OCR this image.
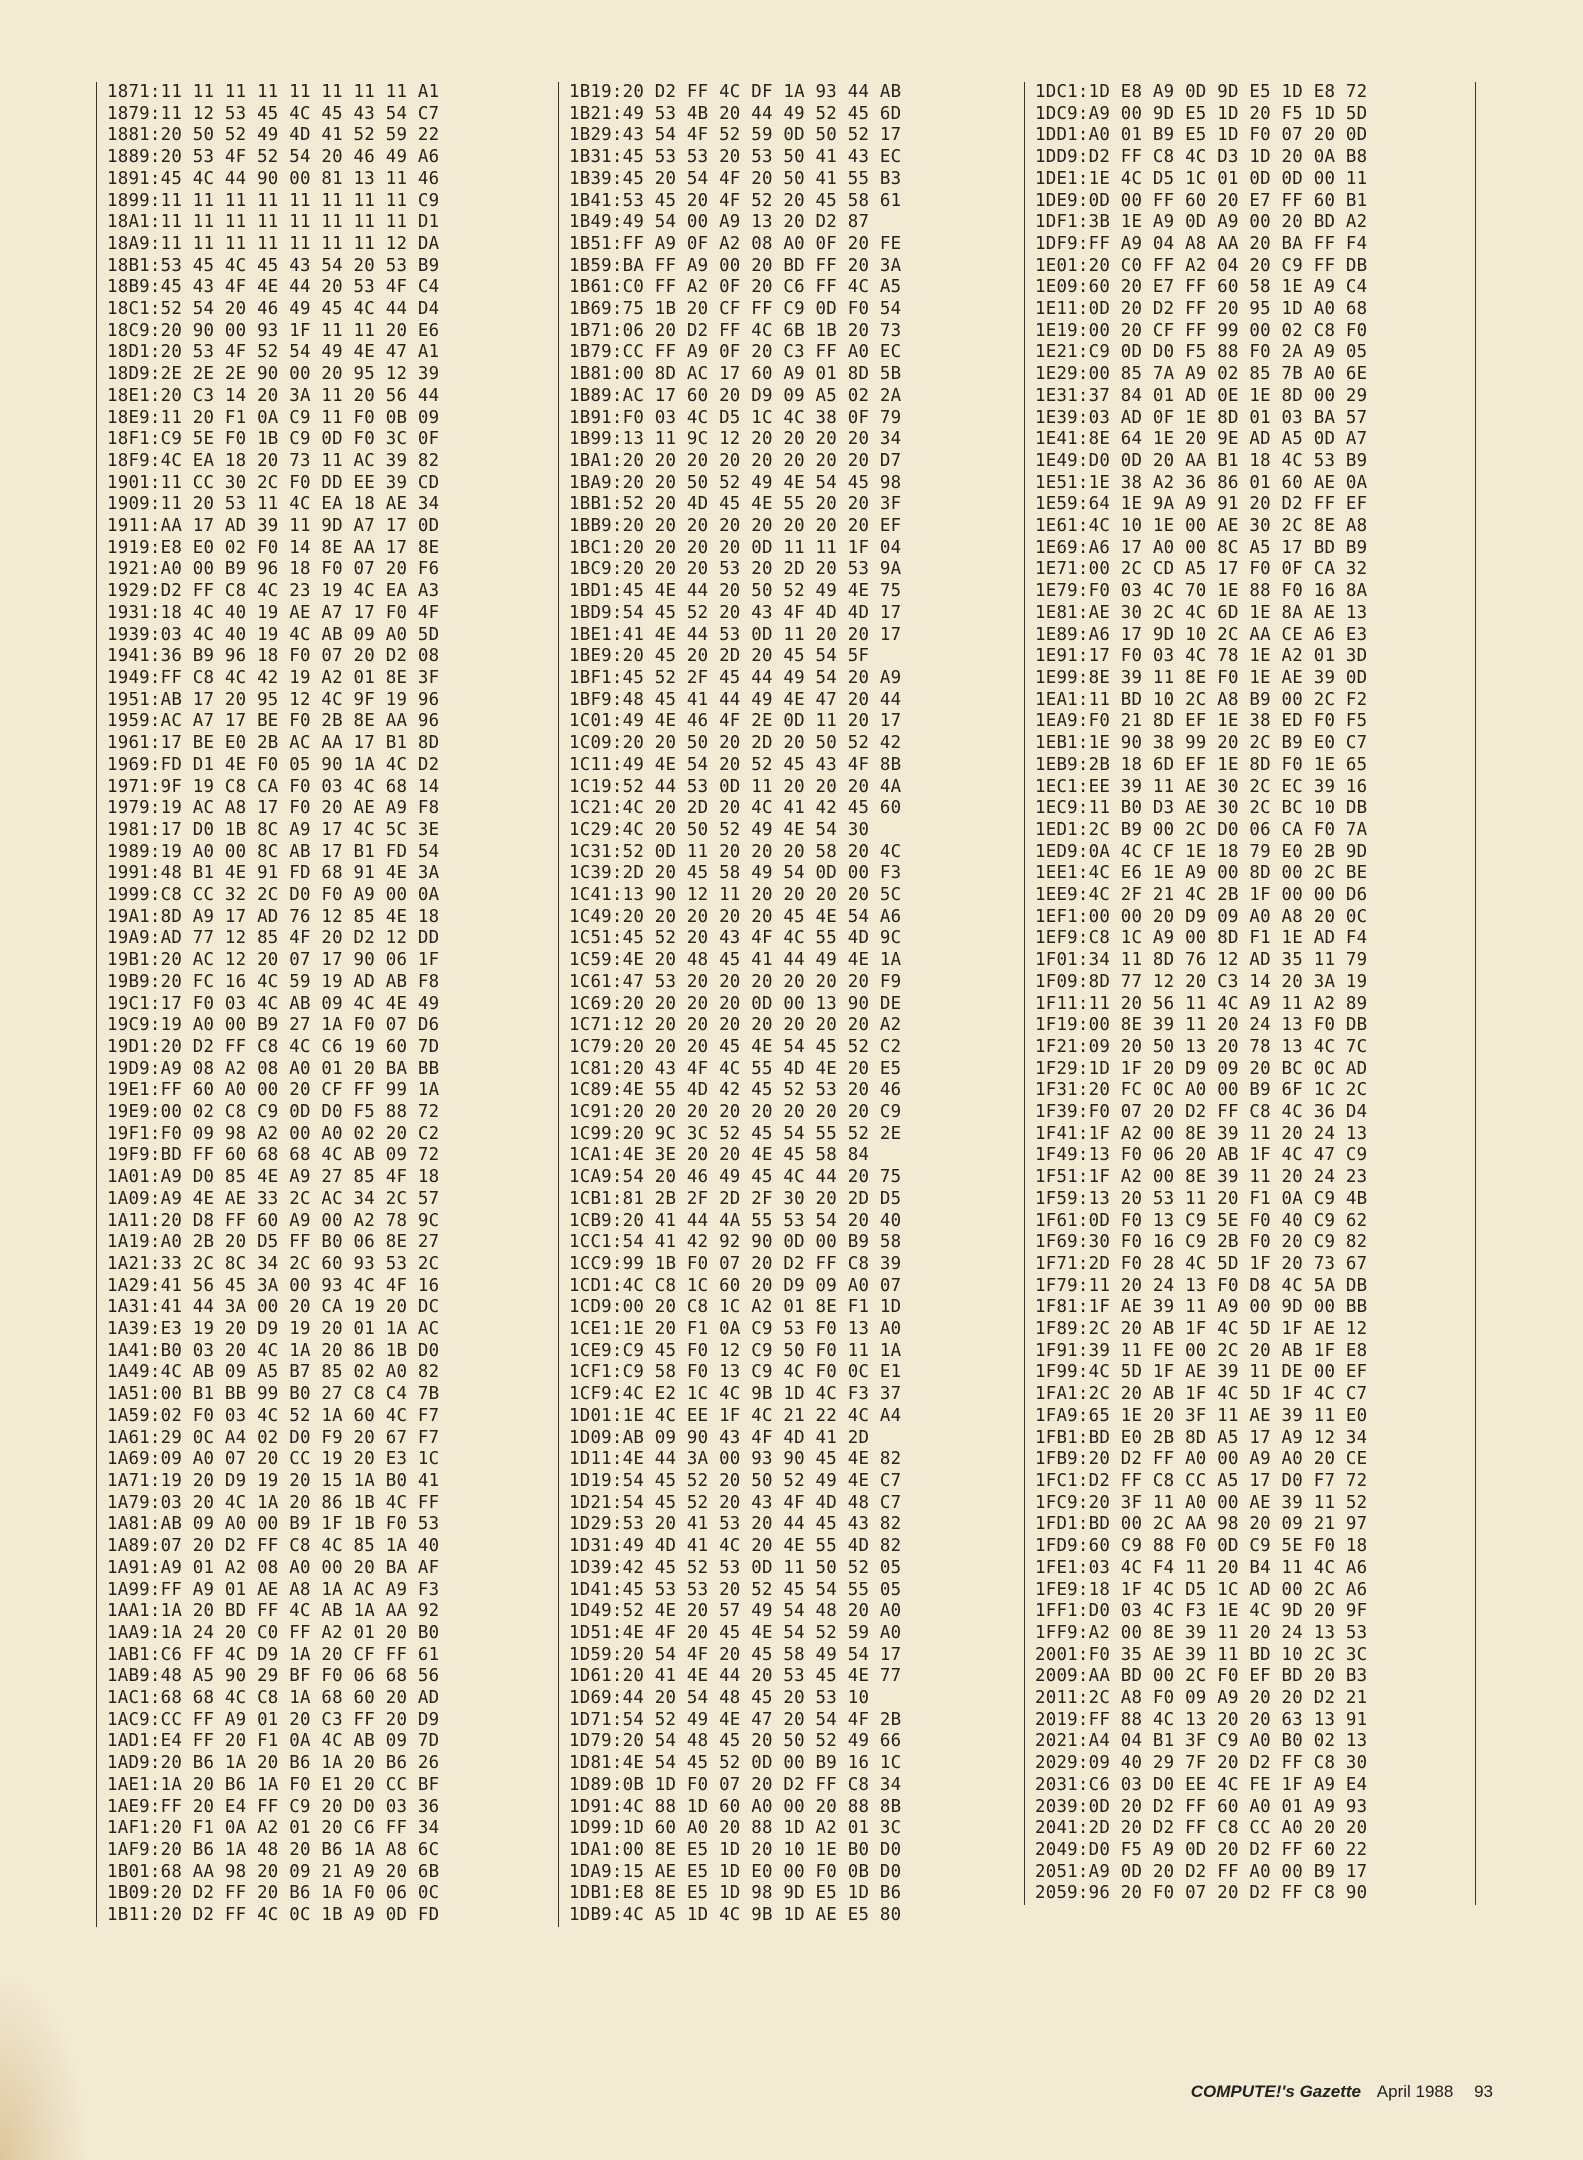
1871:11 11 11 11 11 11 11 11 A1
1879:11 12 53 45 4C 45 43 54 C7
1881:20 50 52 49 4D 41 52 59 22
1889:20 53 4F 52 54 20 46 49 A6
1891:45 4C 44 90 00 81 13 11 46
1899:11 11 11 11 11 11 11 11 C9
18A1:11 11 11 11 11 11 11 11 D1
18A9:11 11 11 11 11 11 11 12 DA
18B1:53 45 4C 45 43 54 20 53 B9
18B9:45 43 4F 4E 44 20 53 4F C4
18C1:52 54 20 46 49 45 4C 44 D4
18C9:20 90 00 93 1F 11 11 20 E6
18D1:20 53 4F 52 54 49 4E 47 A1
18D9:2E 2E 2E 90 00 20 95 12 39
18E1:20 C3 14 20 3A 11 20 56 44
18E9:11 20 F1 0A C9 11 F0 0B 09
18F1:C9 5E F0 1B C9 0D F0 3C 0F
18F9:4C EA 18 20 73 11 AC 39 82
1901:11 CC 30 2C F0 DD EE 39 CD
1909:11 20 53 11 4C EA 18 AE 34
1911:AA 17 AD 39 11 9D A7 17 0D
1919:E8 E0 02 F0 14 8E AA 17 8E
1921:A0 00 B9 96 18 F0 07 20 F6
1929:D2 FF C8 4C 23 19 4C EA A3
1931:18 4C 40 19 AE A7 17 F0 4F
1939:03 4C 40 19 4C AB 09 A0 5D
1941:36 B9 96 18 F0 07 20 D2 08
1949:FF C8 4C 42 19 A2 01 8E 3F
1951:AB 17 20 95 12 4C 9F 19 96
1959:AC A7 17 BE F0 2B 8E AA 96
1961:17 BE E0 2B AC AA 17 B1 8D
1969:FD D1 4E F0 05 90 1A 4C D2
1971:9F 19 C8 CA F0 03 4C 68 14
1979:19 AC A8 17 F0 20 AE A9 F8
1981:17 D0 1B 8C A9 17 4C 5C 3E
1989:19 A0 00 8C AB 17 B1 FD 54
1991:48 B1 4E 91 FD 68 91 4E 3A
1999:C8 CC 32 2C D0 F0 A9 00 0A
19A1:8D A9 17 AD 76 12 85 4E 18
19A9:AD 77 12 85 4F 20 D2 12 DD
19B1:20 AC 12 20 07 17 90 06 1F
19B9:20 FC 16 4C 59 19 AD AB F8
19C1:17 F0 03 4C AB 09 4C 4E 49
19C9:19 A0 00 B9 27 1A F0 07 D6
19D1:20 D2 FF C8 4C C6 19 60 7D
19D9:A9 08 A2 08 A0 01 20 BA BB
19E1:FF 60 A0 00 20 CF FF 99 1A
19E9:00 02 C8 C9 0D D0 F5 88 72
19F1:F0 09 98 A2 00 A0 02 20 C2
19F9:BD FF 60 68 68 4C AB 09 72
1A01:A9 D0 85 4E A9 27 85 4F 18
1A09:A9 4E AE 33 2C AC 34 2C 57
1A11:20 D8 FF 60 A9 00 A2 78 9C
1A19:A0 2B 20 D5 FF B0 06 8E 27
1A21:33 2C 8C 34 2C 60 93 53 2C
1A29:41 56 45 3A 00 93 4C 4F 16
1A31:41 44 3A 00 20 CA 19 20 DC
1A39:E3 19 20 D9 19 20 01 1A AC
1A41:B0 03 20 4C 1A 20 86 1B D0
1A49:4C AB 09 A5 B7 85 02 A0 82
1A51:00 B1 BB 99 B0 27 C8 C4 7B
1A59:02 F0 03 4C 52 1A 60 4C F7
1A61:29 0C A4 02 D0 F9 20 67 F7
1A69:09 A0 07 20 CC 19 20 E3 1C
1A71:19 20 D9 19 20 15 1A B0 41
1A79:03 20 4C 1A 20 86 1B 4C FF
1A81:AB 09 A0 00 B9 1F 1B F0 53
1A89:07 20 D2 FF C8 4C 85 1A 40
1A91:A9 01 A2 08 A0 00 20 BA AF
1A99:FF A9 01 AE A8 1A AC A9 F3
1AA1:1A 20 BD FF 4C AB 1A AA 92
1AA9:1A 24 20 C0 FF A2 01 20 B0
1AB1:C6 FF 4C D9 1A 20 CF FF 61
1AB9:48 A5 90 29 BF F0 06 68 56
1AC1:68 68 4C C8 1A 68 60 20 AD
1AC9:CC FF A9 01 20 C3 FF 20 D9
1AD1:E4 FF 20 F1 0A 4C AB 09 7D
1AD9:20 B6 1A 20 B6 1A 20 B6 26
1AE1:1A 20 B6 1A F0 E1 20 CC BF
1AE9:FF 20 E4 FF C9 20 D0 03 36
1AF1:20 F1 0A A2 01 20 C6 FF 34
1AF9:20 B6 1A 48 20 B6 1A A8 6C
1B01:68 AA 98 20 09 21 A9 20 6B
1B09:20 D2 FF 20 B6 1A F0 06 0C
1B11:20 D2 FF 4C 0C 1B A9 0D FD
1B19:20 D2 FF 4C DF 1A 93 44 AB
1B21:49 53 4B 20 44 49 52 45 6D
1B29:43 54 4F 52 59 0D 50 52 17
1B31:45 53 53 20 53 50 41 43 EC
1B39:45 20 54 4F 20 50 41 55 B3
1B41:53 45 20 4F 52 20 45 58 61
1B49:49 54 00 A9 13 20 D2 87
1B51:FF A9 0F A2 08 A0 0F 20 FE
1B59:BA FF A9 00 20 BD FF 20 3A
1B61:C0 FF A2 0F 20 C6 FF 4C A5
1B69:75 1B 20 CF FF C9 0D F0 54
1B71:06 20 D2 FF 4C 6B 1B 20 73
1B79:CC FF A9 0F 20 C3 FF A0 EC
1B81:00 8D AC 17 60 A9 01 8D 5B
1B89:AC 17 60 20 D9 09 A5 02 2A
1B91:F0 03 4C D5 1C 4C 38 0F 79
1B99:13 11 9C 12 20 20 20 20 34
1BA1:20 20 20 20 20 20 20 20 D7
1BA9:20 20 50 52 49 4E 54 45 98
1BB1:52 20 4D 45 4E 55 20 20 3F
1BB9:20 20 20 20 20 20 20 20 EF
1BC1:20 20 20 20 0D 11 11 1F 04
1BC9:20 20 20 53 20 2D 20 53 9A
1BD1:45 4E 44 20 50 52 49 4E 75
1BD9:54 45 52 20 43 4F 4D 4D 17
1BE1:41 4E 44 53 0D 11 20 20 17
1BE9:20 45 20 2D 20 45 54 5F
1BF1:45 52 2F 45 44 49 54 20 A9
1BF9:48 45 41 44 49 4E 47 20 44
1C01:49 4E 46 4F 2E 0D 11 20 17
1C09:20 20 50 20 2D 20 50 52 42
1C11:49 4E 54 20 52 45 43 4F 8B
1C19:52 44 53 0D 11 20 20 20 4A
1C21:4C 20 2D 20 4C 41 42 45 60
1C29:4C 20 50 52 49 4E 54 30
1C31:52 0D 11 20 20 20 58 20 4C
1C39:2D 20 45 58 49 54 0D 00 F3
1C41:13 90 12 11 20 20 20 20 5C
1C49:20 20 20 20 20 45 4E 54 A6
1C51:45 52 20 43 4F 4C 55 4D 9C
1C59:4E 20 48 45 41 44 49 4E 1A
1C61:47 53 20 20 20 20 20 20 F9
1C69:20 20 20 20 0D 00 13 90 DE
1C71:12 20 20 20 20 20 20 20 A2
1C79:20 20 20 45 4E 54 45 52 C2
1C81:20 43 4F 4C 55 4D 4E 20 E5
1C89:4E 55 4D 42 45 52 53 20 46
1C91:20 20 20 20 20 20 20 20 C9
1C99:20 9C 3C 52 45 54 55 52 2E
1CA1:4E 3E 20 20 4E 45 58 84
1CA9:54 20 46 49 45 4C 44 20 75
1CB1:81 2B 2F 2D 2F 30 20 2D D5
1CB9:20 41 44 4A 55 53 54 20 40
1CC1:54 41 42 92 90 0D 00 B9 58
1CC9:99 1B F0 07 20 D2 FF C8 39
1CD1:4C C8 1C 60 20 D9 09 A0 07
1CD9:00 20 C8 1C A2 01 8E F1 1D
1CE1:1E 20 F1 0A C9 53 F0 13 A0
1CE9:C9 45 F0 12 C9 50 F0 11 1A
1CF1:C9 58 F0 13 C9 4C F0 0C E1
1CF9:4C E2 1C 4C 9B 1D 4C F3 37
1D01:1E 4C EE 1F 4C 21 22 4C A4
1D09:AB 09 90 43 4F 4D 41 2D
1D11:4E 44 3A 00 93 90 45 4E 82
1D19:54 45 52 20 50 52 49 4E C7
1D21:54 45 52 20 43 4F 4D 48 C7
1D29:53 20 41 53 20 44 45 43 82
1D31:49 4D 41 4C 20 4E 55 4D 82
1D39:42 45 52 53 0D 11 50 52 05
1D41:45 53 53 20 52 45 54 55 05
1D49:52 4E 20 57 49 54 48 20 A0
1D51:4E 4F 20 45 4E 54 52 59 A0
1D59:20 54 4F 20 45 58 49 54 17
1D61:20 41 4E 44 20 53 45 4E 77
1D69:44 20 54 48 45 20 53 10
1D71:54 52 49 4E 47 20 54 4F 2B
1D79:20 54 48 45 20 50 52 49 66
1D81:4E 54 45 52 0D 00 B9 16 1C
1D89:0B 1D F0 07 20 D2 FF C8 34
1D91:4C 88 1D 60 A0 00 20 88 8B
1D99:1D 60 A0 20 88 1D A2 01 3C
1DA1:00 8E E5 1D 20 10 1E B0 D0
1DA9:15 AE E5 1D E0 00 F0 0B D0
1DB1:E8 8E E5 1D 98 9D E5 1D B6
1DB9:4C A5 1D 4C 9B 1D AE E5 80
1DC1:1D E8 A9 0D 9D E5 1D E8 72
1DC9:A9 00 9D E5 1D 20 F5 1D 5D
1DD1:A0 01 B9 E5 1D F0 07 20 0D
1DD9:D2 FF C8 4C D3 1D 20 0A B8
1DE1:1E 4C D5 1C 01 0D 0D 00 11
1DE9:0D 00 FF 60 20 E7 FF 60 B1
1DF1:3B 1E A9 0D A9 00 20 BD A2
1DF9:FF A9 04 A8 AA 20 BA FF F4
1E01:20 C0 FF A2 04 20 C9 FF DB
1E09:60 20 E7 FF 60 58 1E A9 C4
1E11:0D 20 D2 FF 20 95 1D A0 68
1E19:00 20 CF FF 99 00 02 C8 F0
1E21:C9 0D D0 F5 88 F0 2A A9 05
1E29:00 85 7A A9 02 85 7B A0 6E
1E31:37 84 01 AD 0E 1E 8D 00 29
1E39:03 AD 0F 1E 8D 01 03 BA 57
1E41:8E 64 1E 20 9E AD A5 0D A7
1E49:D0 0D 20 AA B1 18 4C 53 B9
1E51:1E 38 A2 36 86 01 60 AE 0A
1E59:64 1E 9A A9 91 20 D2 FF EF
1E61:4C 10 1E 00 AE 30 2C 8E A8
1E69:A6 17 A0 00 8C A5 17 BD B9
1E71:00 2C CD A5 17 F0 0F CA 32
1E79:F0 03 4C 70 1E 88 F0 16 8A
1E81:AE 30 2C 4C 6D 1E 8A AE 13
1E89:A6 17 9D 10 2C AA CE A6 E3
1E91:17 F0 03 4C 78 1E A2 01 3D
1E99:8E 39 11 8E F0 1E AE 39 0D
1EA1:11 BD 10 2C A8 B9 00 2C F2
1EA9:F0 21 8D EF 1E 38 ED F0 F5
1EB1:1E 90 38 99 20 2C B9 E0 C7
1EB9:2B 18 6D EF 1E 8D F0 1E 65
1EC1:EE 39 11 AE 30 2C EC 39 16
1EC9:11 B0 D3 AE 30 2C BC 10 DB
1ED1:2C B9 00 2C D0 06 CA F0 7A
1ED9:0A 4C CF 1E 18 79 E0 2B 9D
1EE1:4C E6 1E A9 00 8D 00 2C BE
1EE9:4C 2F 21 4C 2B 1F 00 00 D6
1EF1:00 00 20 D9 09 A0 A8 20 0C
1EF9:C8 1C A9 00 8D F1 1E AD F4
1F01:34 11 8D 76 12 AD 35 11 79
1F09:8D 77 12 20 C3 14 20 3A 19
1F11:11 20 56 11 4C A9 11 A2 89
1F19:00 8E 39 11 20 24 13 F0 DB
1F21:09 20 50 13 20 78 13 4C 7C
1F29:1D 1F 20 D9 09 20 BC 0C AD
1F31:20 FC 0C A0 00 B9 6F 1C 2C
1F39:F0 07 20 D2 FF C8 4C 36 D4
1F41:1F A2 00 8E 39 11 20 24 13
1F49:13 F0 06 20 AB 1F 4C 47 C9
1F51:1F A2 00 8E 39 11 20 24 23
1F59:13 20 53 11 20 F1 0A C9 4B
1F61:0D F0 13 C9 5E F0 40 C9 62
1F69:30 F0 16 C9 2B F0 20 C9 82
1F71:2D F0 28 4C 5D 1F 20 73 67
1F79:11 20 24 13 F0 D8 4C 5A DB
1F81:1F AE 39 11 A9 00 9D 00 BB
1F89:2C 20 AB 1F 4C 5D 1F AE 12
1F91:39 11 FE 00 2C 20 AB 1F E8
1F99:4C 5D 1F AE 39 11 DE 00 EF
1FA1:2C 20 AB 1F 4C 5D 1F 4C C7
1FA9:65 1E 20 3F 11 AE 39 11 E0
1FB1:BD E0 2B 8D A5 17 A9 12 34
1FB9:20 D2 FF A0 00 A9 A0 20 CE
1FC1:D2 FF C8 CC A5 17 D0 F7 72
1FC9:20 3F 11 A0 00 AE 39 11 52
1FD1:BD 00 2C AA 98 20 09 21 97
1FD9:60 C9 88 F0 0D C9 5E F0 18
1FE1:03 4C F4 11 20 B4 11 4C A6
1FE9:18 1F 4C D5 1C AD 00 2C A6
1FF1:D0 03 4C F3 1E 4C 9D 20 9F
1FF9:A2 00 8E 39 11 20 24 13 53
2001:F0 35 AE 39 11 BD 10 2C 3C
2009:AA BD 00 2C F0 EF BD 20 B3
2011:2C A8 F0 09 A9 20 20 D2 21
2019:FF 88 4C 13 20 20 63 13 91
2021:A4 04 B1 3F C9 A0 B0 02 13
2029:09 40 29 7F 20 D2 FF C8 30
2031:C6 03 D0 EE 4C FE 1F A9 E4
2039:0D 20 D2 FF 60 A0 01 A9 93
2041:2D 20 D2 FF C8 CC A0 20 20
2049:D0 F5 A9 0D 20 D2 FF 60 22
2051:A9 0D 20 D2 FF A0 00 B9 17
2059:96 20 F0 07 20 D2 FF C8 90
COMPUTE!'s Gazette April 1988 93
